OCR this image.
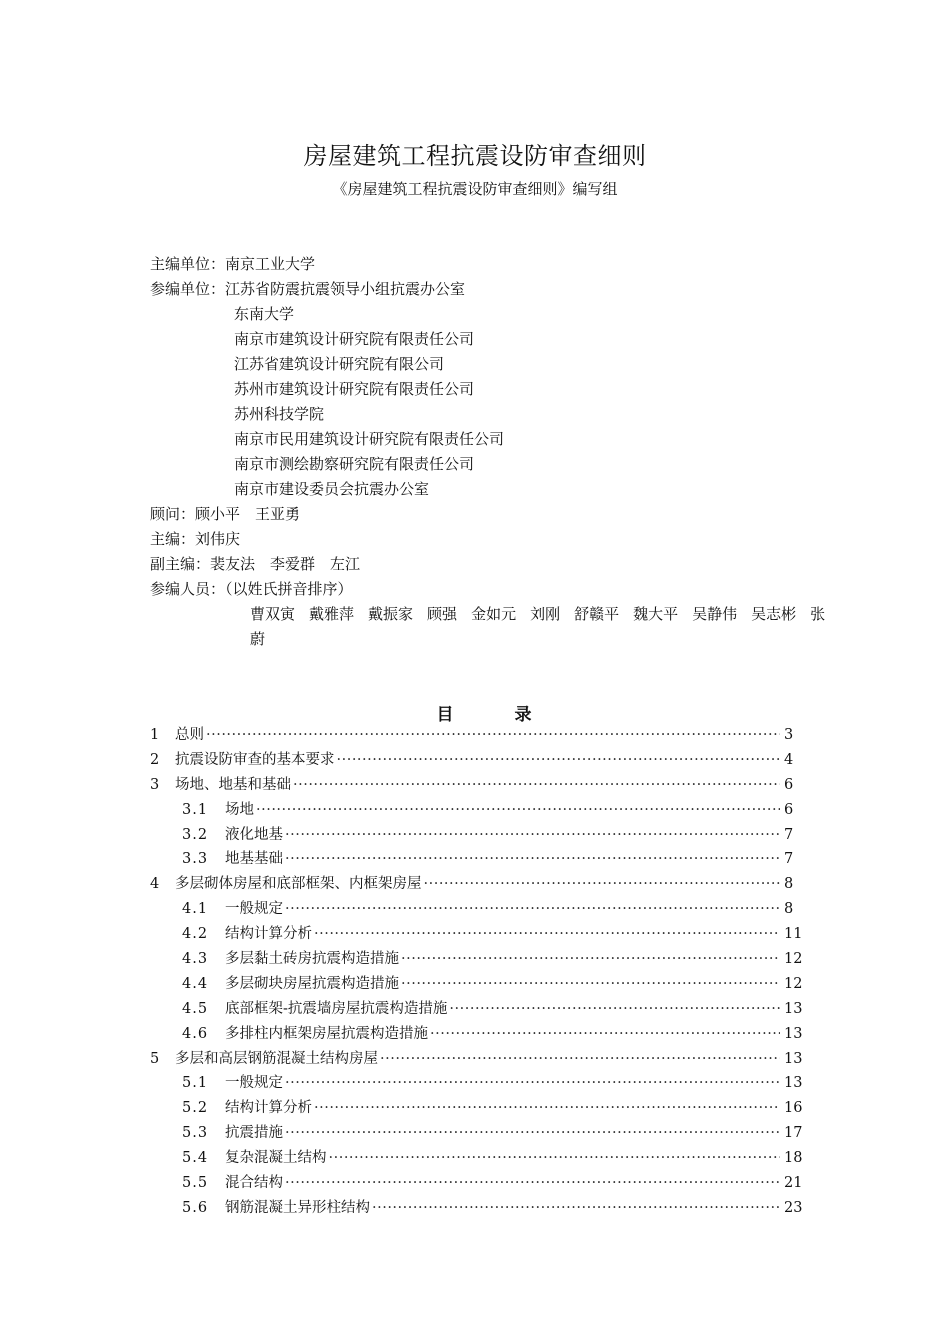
房屋建筑工程抗震设防审查细则
《房屋建筑工程抗震设防审查细则》编写组
主编单位：南京工业大学
参编单位：江苏省防震抗震领导小组抗震办公室
东南大学
南京市建筑设计研究院有限责任公司
江苏省建筑设计研究院有限公司
苏州市建筑设计研究院有限责任公司
苏州科技学院
南京市民用建筑设计研究院有限责任公司
南京市测绘勘察研究院有限责任公司
南京市建设委员会抗震办公室
顾问：顾小平　王亚勇
主编：刘伟庆
副主编：裴友法　李爱群　左江
参编人员：（以姓氏拼音排序）
曹双寅 戴雅萍 戴振家 顾强 金如元 刘刚 舒赣平 魏大平 吴静伟 吴志彬 张蔚
目　录
1	总则 ·····	3
2	抗震设防审查的基本要求 ·····	4
3	场地、地基和基础 ·····	6
3.1	场地 ·····	6
3.2	液化地基 ·····	7
3.3	地基基础 ·····	7
4	多层砌体房屋和底部框架、内框架房屋 ·····	8
4.1	一般规定 ·····	8
4.2	结构计算分析 ·····	11
4.3	多层黏土砖房抗震构造措施 ·····	12
4.4	多层砌块房屋抗震构造措施 ·····	12
4.5	底部框架-抗震墙房屋抗震构造措施 ·····	13
4.6	多排柱内框架房屋抗震构造措施 ·····	13
5	多层和高层钢筋混凝土结构房屋 ·····	13
5.1	一般规定 ·····	13
5.2	结构计算分析 ·····	16
5.3	抗震措施 ·····	17
5.4	复杂混凝土结构 ·····	18
5.5	混合结构 ·····	21
5.6	钢筋混凝土异形柱结构 ·····	23
